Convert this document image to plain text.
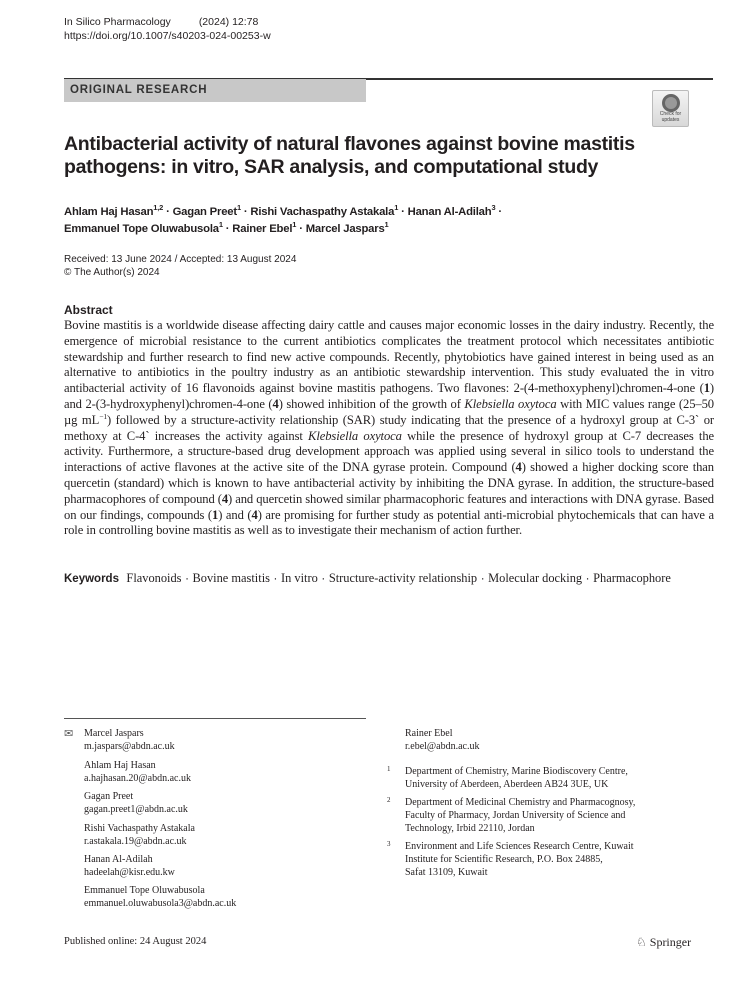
In Silico Pharmacology	(2024) 12:78
https://doi.org/10.1007/s40203-024-00253-w
ORIGINAL RESEARCH
Check for updates
Antibacterial activity of natural flavones against bovine mastitis pathogens: in vitro, SAR analysis, and computational study
Ahlam Haj Hasan$^{1,2}$ · Gagan Preet$^1$ · Rishi Vachaspathy Astakala$^1$ · Hanan Al-Adilah$^3$ ·
Emmanuel Tope Oluwabusola$^1$ · Rainer Ebel$^1$ · Marcel Jaspars$^1$
Received: 13 June 2024 / Accepted: 13 August 2024
© The Author(s) 2024
Abstract
Bovine mastitis is a worldwide disease affecting dairy cattle and causes major economic losses in the dairy industry. Recently, the emergence of microbial resistance to the current antibiotics complicates the treatment protocol which necessitates antibiotic stewardship and further research to find new active compounds. Recently, phytobiotics have gained interest in being used as an alternative to antibiotics in the poultry industry as an antibiotic stewardship intervention. This study evaluated the in vitro antibacterial activity of 16 flavonoids against bovine mastitis pathogens. Two flavones: 2-(4-methoxyphenyl)chromen-4-one (1) and 2-(3-hydroxyphenyl)chromen-4-one (4) showed inhibition of the growth of Klebsiella oxytoca with MIC values range (25–50 µg $mL^{-1}$) followed by a structure-activity relationship (SAR) study indicating that the presence of a hydroxyl group at C-3` or methoxy at C-4` increases the activity against Klebsiella oxytoca while the presence of hydroxyl group at C-7 decreases the activity. Furthermore, a structure-based drug development approach was applied using several in silico tools to understand the interactions of active flavones at the active site of the DNA gyrase protein. Compound (4) showed a higher docking score than quercetin (standard) which is known to have antibacterial activity by inhibiting the DNA gyrase. In addition, the structure-based pharmacophores of compound (4) and quercetin showed similar pharmacophoric features and interactions with DNA gyrase. Based on our findings, compounds (1) and (4) are promising for further study as potential anti-microbial phytochemicals that can have a role in controlling bovine mastitis as well as to investigate their mechanism of action further.
Keywords Flavonoids · Bovine mastitis · In vitro · Structure-activity relationship · Molecular docking · Pharmacophore
✉ Marcel Jaspars
m.jaspars@abdn.ac.uk
Ahlam Haj Hasan
a.hajhasan.20@abdn.ac.uk
Gagan Preet
gagan.preet1@abdn.ac.uk
Rishi Vachaspathy Astakala
r.astakala.19@abdn.ac.uk
Hanan Al-Adilah
hadeelah@kisr.edu.kw
Emmanuel Tope Oluwabusola
emmanuel.oluwabusola3@abdn.ac.uk
Rainer Ebel
r.ebel@abdn.ac.uk
1 Department of Chemistry, Marine Biodiscovery Centre,
University of Aberdeen, Aberdeen AB24 3UE, UK
2 Department of Medicinal Chemistry and Pharmacognosy,
Faculty of Pharmacy, Jordan University of Science and
Technology, Irbid 22110, Jordan
3 Environment and Life Sciences Research Centre, Kuwait
Institute for Scientific Research, P.O. Box 24885,
Safat 13109, Kuwait
Published online: 24 August 2024	♘ Springer
